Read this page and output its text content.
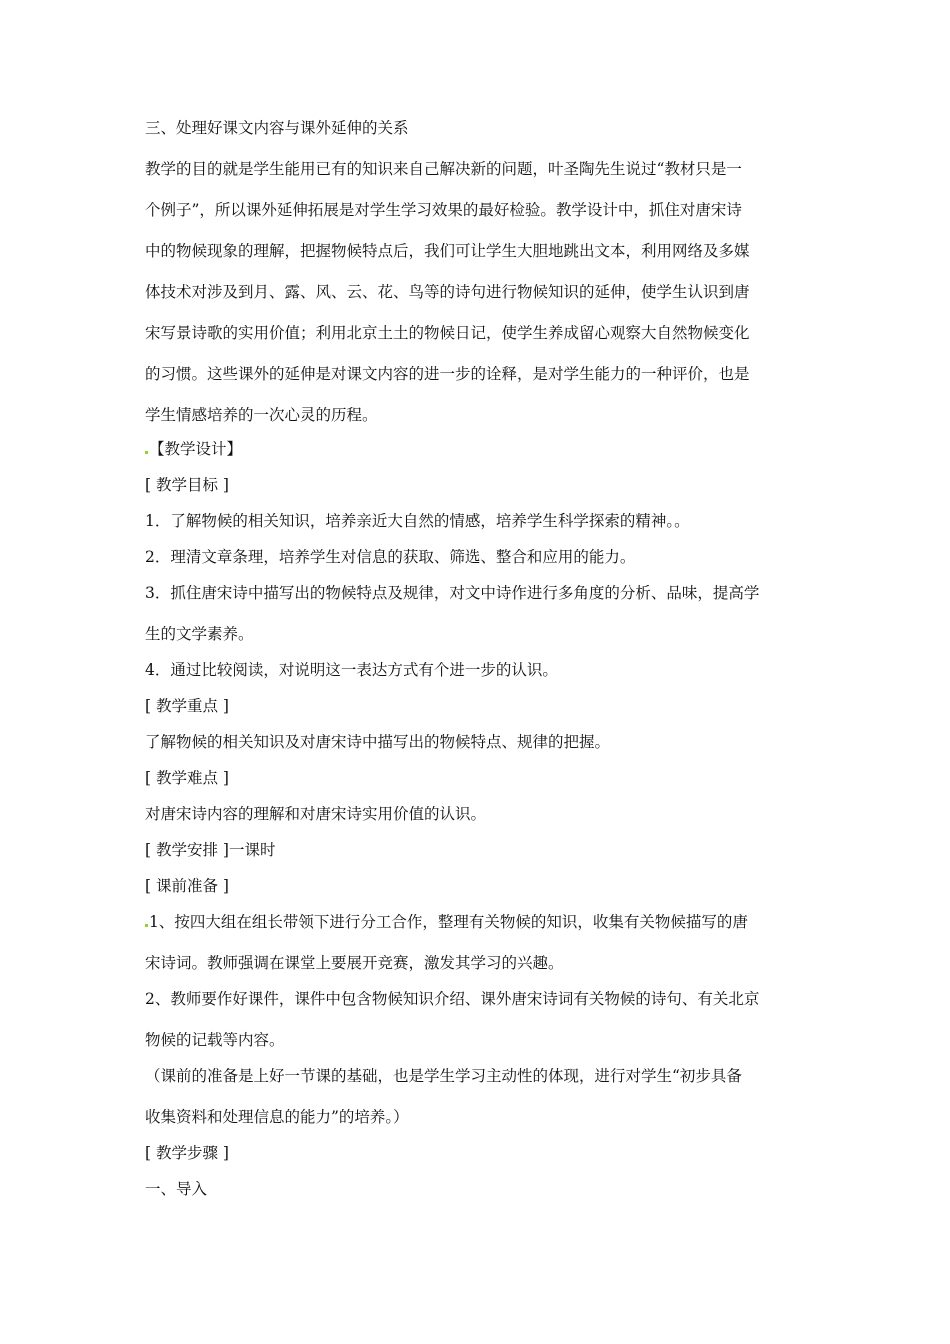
三、处理好课文内容与课外延伸的关系
教学的目的就是学生能用已有的知识来自己解决新的问题，叶圣陶先生说过“教材只是一
个例子”，所以课外延伸拓展是对学生学习效果的最好检验。教学设计中，抓住对唐宋诗
中的物候现象的理解，把握物候特点后，我们可让学生大胆地跳出文本，利用网络及多媒
体技术对涉及到月、露、风、云、花、鸟等的诗句进行物候知识的延伸，使学生认识到唐
宋写景诗歌的实用价值；利用北京土土的物候日记，使学生养成留心观察大自然物候变化
的习惯。这些课外的延伸是对课文内容的进一步的诠释，是对学生能力的一种评价，也是
学生情感培养的一次心灵的历程。
【教学设计】
[ 教学目标 ]
1．了解物候的相关知识，培养亲近大自然的情感，培养学生科学探索的精神。。
2．理清文章条理，培养学生对信息的获取、筛选、整合和应用的能力。
3．抓住唐宋诗中描写出的物候特点及规律，对文中诗作进行多角度的分析、品味，提高学
生的文学素养。
4．通过比较阅读，对说明这一表达方式有个进一步的认识。
[ 教学重点 ]
了解物候的相关知识及对唐宋诗中描写出的物候特点、规律的把握。
[ 教学难点 ]
对唐宋诗内容的理解和对唐宋诗实用价值的认识。
[ 教学安排 ]一课时
[ 课前准备 ]
1、按四大组在组长带领下进行分工合作，整理有关物候的知识，收集有关物候描写的唐
宋诗词。教师强调在课堂上要展开竞赛，激发其学习的兴趣。
2、教师要作好课件，课件中包含物候知识介绍、课外唐宋诗词有关物候的诗句、有关北京
物候的记载等内容。
（课前的准备是上好一节课的基础，也是学生学习主动性的体现，进行对学生“初步具备
收集资料和处理信息的能力”的培养。）
[ 教学步骤 ]
一、导入
